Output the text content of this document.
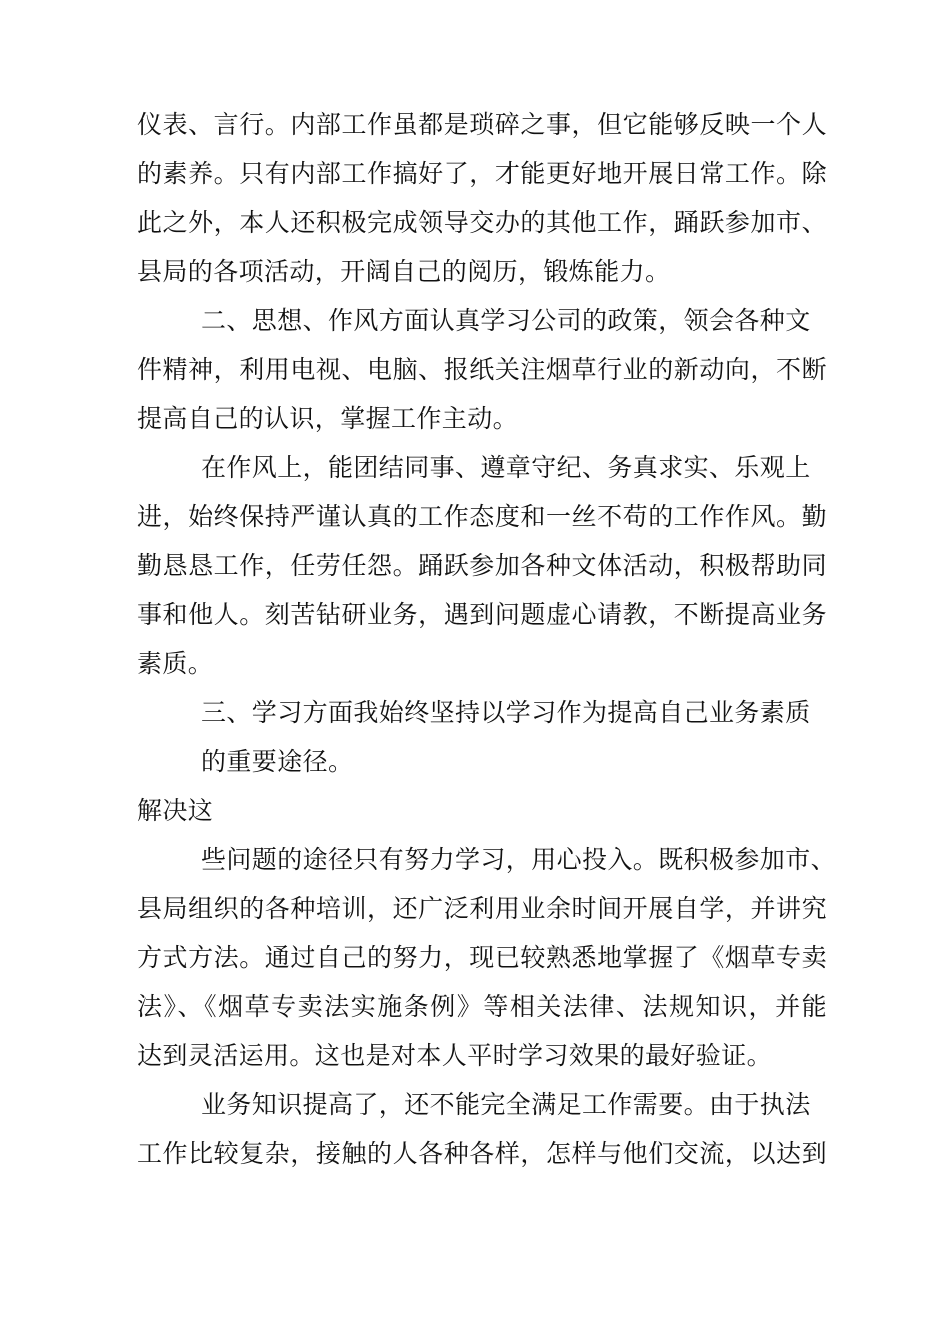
仪表、言行。内部工作虽都是琐碎之事，但它能够反映一个人
的素养。只有内部工作搞好了，才能更好地开展日常工作。除
此之外，本人还积极完成领导交办的其他工作，踊跃参加市、
县局的各项活动，开阔自己的阅历，锻炼能力。
二、思想、作风方面认真学习公司的政策，领会各种文
件精神，利用电视、电脑、报纸关注烟草行业的新动向，不断
提高自己的认识，掌握工作主动。
在作风上，能团结同事、遵章守纪、务真求实、乐观上
进，始终保持严谨认真的工作态度和一丝不苟的工作作风。勤
勤恳恳工作，任劳任怨。踊跃参加各种文体活动，积极帮助同
事和他人。刻苦钻研业务，遇到问题虚心请教，不断提高业务
素质。
三、学习方面我始终坚持以学习作为提高自己业务素质
的重要途径。
解决这
些问题的途径只有努力学习，用心投入。既积极参加市、
县局组织的各种培训，还广泛利用业余时间开展自学，并讲究
方式方法。通过自己的努力，现已较熟悉地掌握了《烟草专卖
法》、《烟草专卖法实施条例》等相关法律、法规知识，并能
达到灵活运用。这也是对本人平时学习效果的最好验证。
业务知识提高了，还不能完全满足工作需要。由于执法
工作比较复杂，接触的人各种各样，怎样与他们交流，以达到
